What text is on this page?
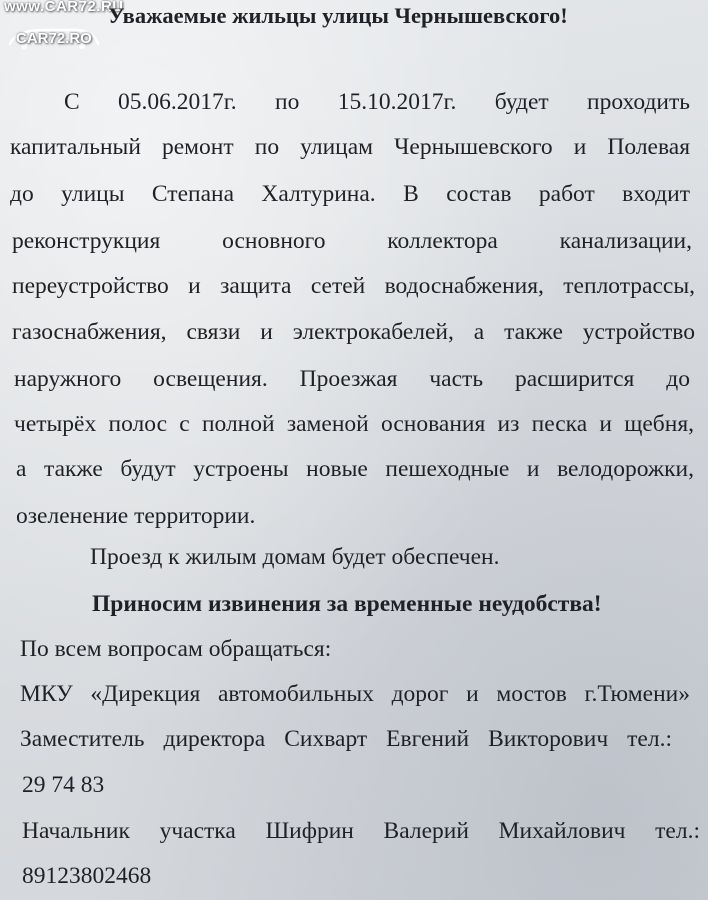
www.CAR72.RU
CAR72.RO
Уважаемые жильцы улицы Чернышевского!
С 05.06.2017г. по 15.10.2017г. будет проходить
капитальный ремонт по улицам Чернышевского и Полевая
до улицы Степана Халтурина. В состав работ входит
реконструкция основного коллектора канализации,
переустройство и защита сетей водоснабжения, теплотрассы,
газоснабжения, связи и электрокабелей, а также устройство
наружного освещения. Проезжая часть расширится до
четырёх полос с полной заменой основания из песка и щебня,
а также будут устроены новые пешеходные и велодорожки,
озеленение территории.
Проезд к жилым домам будет обеспечен.
Приносим извинения за временные неудобства!
По всем вопросам обращаться:
МКУ «Дирекция автомобильных дорог и мостов г.Тюмени»
Заместитель директора Сихварт Евгений Викторович тел.:
29 74 83
Начальник участка Шифрин Валерий Михайлович тел.:
89123802468
